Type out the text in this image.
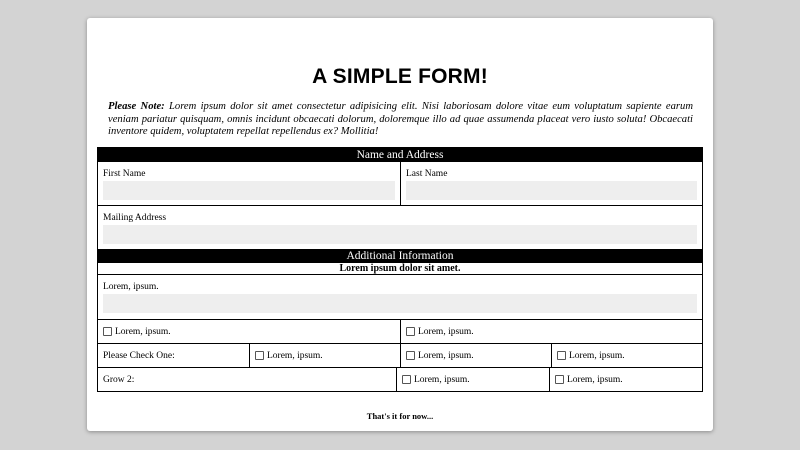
A SIMPLE FORM!
Please Note: Lorem ipsum dolor sit amet consectetur adipisicing elit. Nisi laboriosam dolore vitae eum voluptatum sapiente earum veniam pariatur quisquam, omnis incidunt obcaecati dolorum, doloremque illo ad quae assumenda placeat vero iusto soluta! Obcaecati inventore quidem, voluptatem repellat repellendus ex? Mollitia!
Name and Address
First Name	Last Name
Mailing Address
Additional Information
Lorem ipsum dolor sit amet.
Lorem, ipsum.
Lorem, ipsum.	Lorem, ipsum.
Please Check One:	Lorem, ipsum.	Lorem, ipsum.	Lorem, ipsum.
Grow 2:	Lorem, ipsum.	Lorem, ipsum.
That's it for now...
